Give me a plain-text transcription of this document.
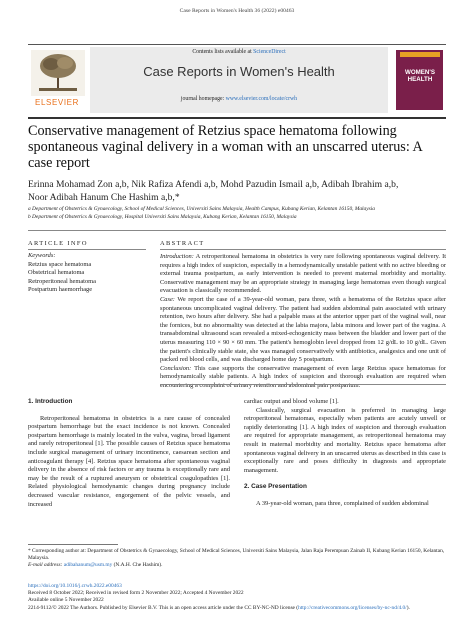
Case Reports in Women's Health 36 (2022) e00463
ELSEVIER
Contents lists available at ScienceDirect
Case Reports in Women's Health
journal homepage: www.elsevier.com/locate/crwh
WOMEN'S HEALTH
Conservative management of Retzius space hematoma following spontaneous vaginal delivery in a woman with an unscarred uterus: A case report
Erinna Mohamad Zon a,b, Nik Rafiza Afendi a,b, Mohd Pazudin Ismail a,b, Adibah Ibrahim a,b,
Noor Adibah Hanum Che Hashim a,b,*
a Department of Obstetrics & Gynaecology, School of Medical Sciences, Universiti Sains Malaysia, Health Campus, Kubang Kerian, Kelantan 16150, Malaysia
b Department of Obstetrics & Gynaecology, Hospital Universiti Sains Malaysia, Kubang Kerian, Kelantan 16150, Malaysia
ARTICLE INFO
Keywords:
Retzius space hematoma
Obstetrical hematoma
Retroperitoneal hematoma
Postpartum haemorrhage
ABSTRACT

Introduction: A retroperitoneal hematoma in obstetrics is very rare following spontaneous vaginal delivery. It requires a high index of suspicion, especially in a hemodynamically unstable patient with no active bleeding or external trauma postpartum, as early intervention is needed to prevent maternal morbidity and mortality. Conservative management may be an appropriate strategy in managing large hematomas even though surgical evacuation is classically recommended.

Case: We report the case of a 39-year-old woman, para three, with a hematoma of the Retzius space after spontaneous uncomplicated vaginal delivery. The patient had sudden abdominal pain associated with urinary retention, two hours after delivery. She had a palpable mass at the anterior upper part of the vaginal wall, near the fornices, but no abnormality was detected at the labia majora, labia minora and lower part of the vagina. A transabdominal ultrasound scan revealed a mixed-echogenicity mass between the bladder and lower part of the uterus measuring 110 × 90 × 60 mm. The patient's hemoglobin level dropped from 12 g/dL to 10 g/dL. Given the patient's clinically stable state, she was managed conservatively with antibiotics, analgesics and one unit of packed red blood cells, and was discharged home day 5 postpartum.

Conclusion: This case supports the conservative management of even large Retzius space hematomas for hemodynamically stable patients. A high index of suspicion and thorough evaluation are required when encountering a complaint of urinary retention and abdominal pain postpartum.

1. Introduction

Retroperitoneal hematoma in obstetrics is a rare cause of concealed postpartum hemorrhage but the exact incidence is not known. Concealed postpartum hemorrhage is mainly located in the vulva, vagina, broad ligament and rarely retroperitoneal [1]. The possible causes of Retzius space hematoma include surgical management of urinary incontinence, caesarean section and anticoagulant therapy [4]. Retzius space hematoma after spontaneous vaginal delivery in the absence of risk factors or any trauma is exceptionally rare and may be the result of a ruptured aneurysm or obstetrical coagulopathies [1]. Related physiological hemodynamic changes during pregnancy include decreased vascular resistance, engorgement of the pelvic vessels, and increased

cardiac output and blood volume [1].

Classically, surgical evacuation is preferred in managing large retroperitoneal hematomas, especially when patients are acutely unwell or rapidly deteriorating [1]. A high index of suspicion and thorough evaluation are required for appropriate management, as retroperitoneal hematoma may result in maternal morbidity and mortality. Retzius space hematoma after spontaneous vaginal delivery in an unscarred uterus as described in this case is exceptionally rare and poses difficulty in diagnosis and appropriate management.

2. Case Presentation

A 39-year-old woman, para three, complained of sudden abdominal

* Corresponding author at: Department of Obstetrics & Gynaecology, School of Medical Sciences, Universiti Sains Malaysia, Jalan Raja Perempuan Zainab II, Kubang Kerian 16150, Kelantan, Malaysia.
E-mail address: adibahanum@usm.my (N.A.H. Che Hashim).
https://doi.org/10.1016/j.crwh.2022.e00463
Received 8 October 2022; Received in revised form 2 November 2022; Accepted 4 November 2022
Available online 5 November 2022
2214-9112/© 2022 The Authors. Published by Elsevier B.V. This is an open access article under the CC BY-NC-ND license (http://creativecommons.org/licenses/by-nc-nd/4.0/).
